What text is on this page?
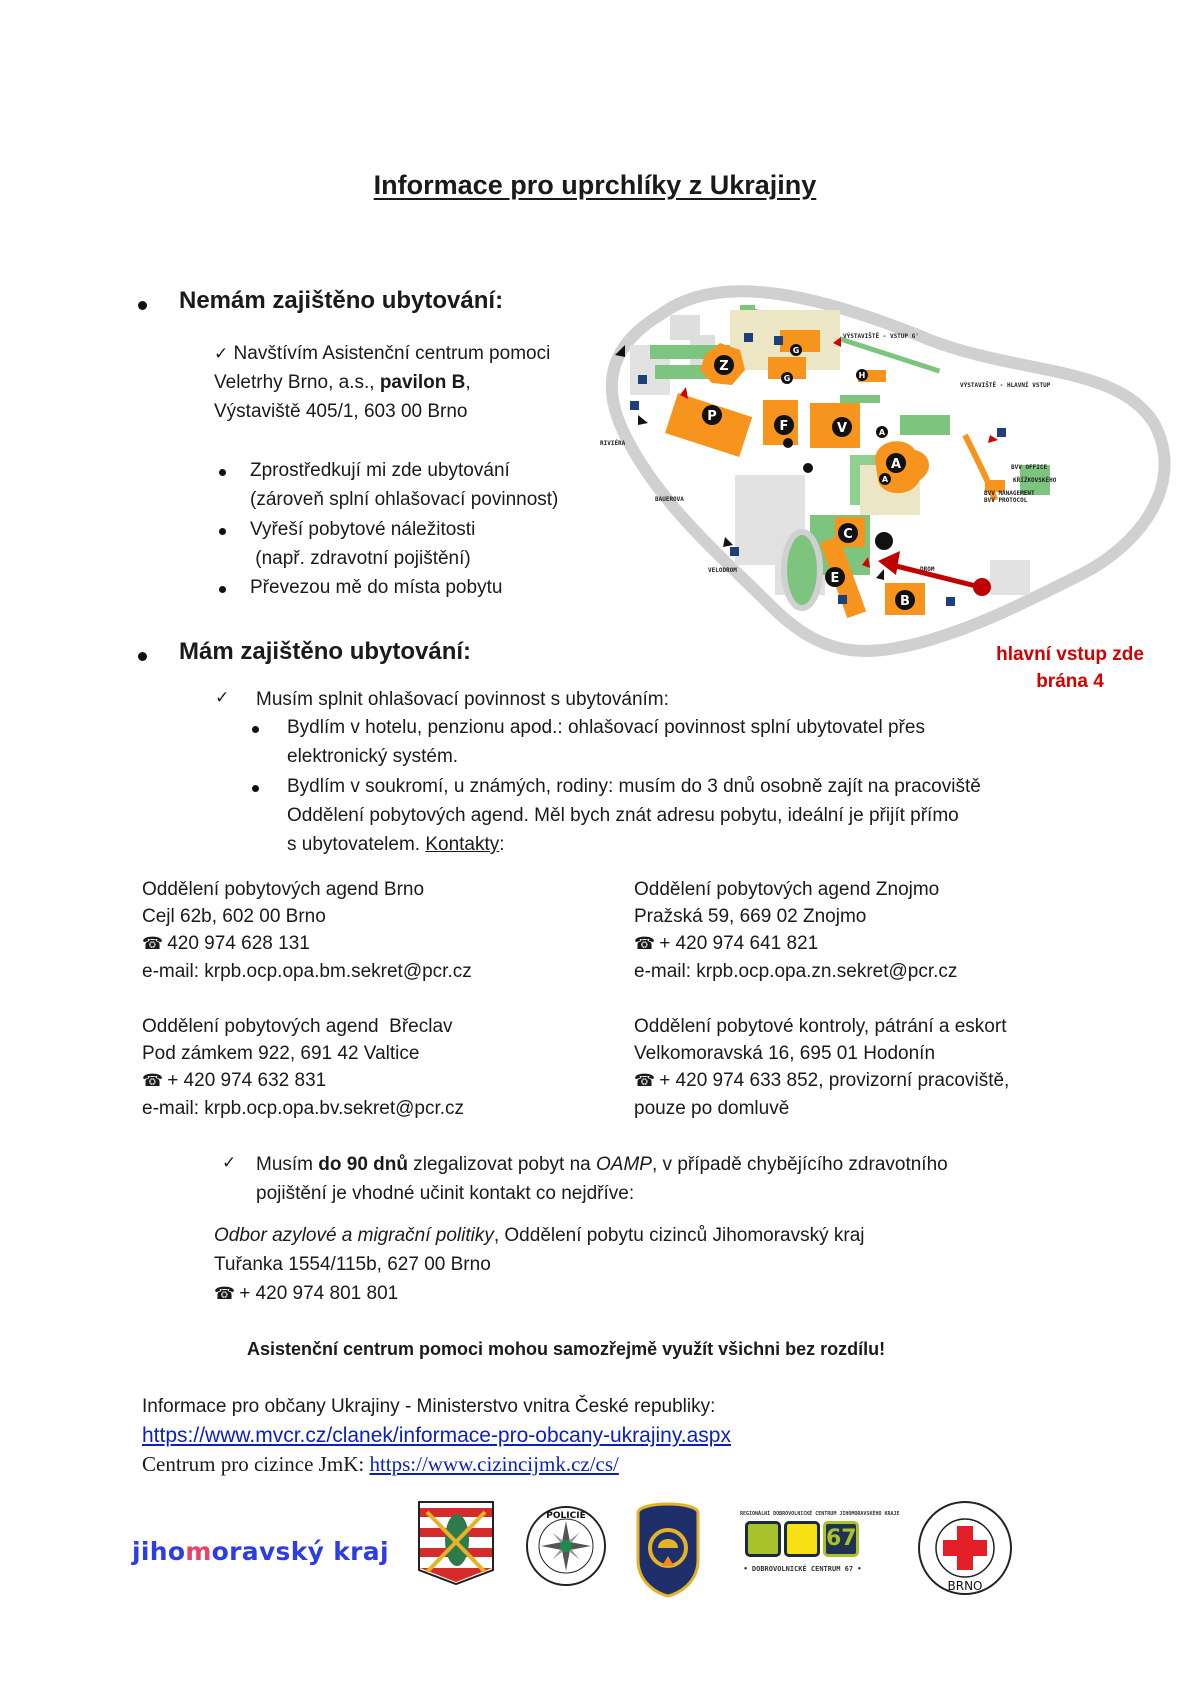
Informace pro uprchlíky z Ukrajiny
Nemám zajištěno ubytování:
✓ Navštívím Asistenční centrum pomoci
Veletrhy Brno, a.s., pavilon B,
Výstaviště 405/1, 603 00 Brno
Zprostředkují mi zde ubytování
(zároveň splní ohlašovací povinnost)
Vyřeší pobytové náležitosti
(např. zdravotní pojištění)
Převezou mě do místa pobytu
Mám zajištěno ubytování:
✓ Musím splnit ohlašovací povinnost s ubytováním:
Bydlím v hotelu, penzionu apod.: ohlašovací povinnost splní ubytovatel přes
elektronický systém.
Bydlím v soukromí, u známých, rodiny: musím do 3 dnů osobně zajít na pracoviště
Oddělení pobytových agend. Měl bych znát adresu pobytu, ideální je přijít přímo
s ubytovatelem. Kontakty:
Oddělení pobytových agend Brno
Cejl 62b, 602 00 Brno
☎ 420 974 628 131
e-mail: krpb.ocp.opa.bm.sekret@pcr.cz
Oddělení pobytových agend Znojmo
Pražská 59, 669 02 Znojmo
☎ + 420 974 641 821
e-mail: krpb.ocp.opa.zn.sekret@pcr.cz
Oddělení pobytových agend  Břeclav
Pod zámkem 922, 691 42 Valtice
☎ + 420 974 632 831
e-mail: krpb.ocp.opa.bv.sekret@pcr.cz
Oddělení pobytové kontroly, pátrání a eskort
Velkomoravská 16, 695 01 Hodonín
☎ + 420 974 633 852, provizorní pracoviště,
pouze po domluvě
✓ Musím do 90 dnů zlegalizovat pobyt na OAMP, v případě chybějícího zdravotního
pojištění je vhodné učinit kontakt co nejdříve:
Odbor azylové a migrační politiky, Oddělení pobytu cizinců Jihomoravský kraj
Tuřanka 1554/115b, 627 00 Brno
☎ + 420 974 801 801
Asistenční centrum pomoci mohou samozřejmě využít všichni bez rozdílu!
Informace pro občany Ukrajiny - Ministerstvo vnitra České republiky:
https://www.mvcr.cz/clanek/informace-pro-obcany-ukrajiny.aspx
Centrum pro cizince JmK: https://www.cizincijmk.cz/cs/
Z
P
F	V
A
C
E
B
G
G	H
A
A
VÝSTAVIŠTĚ - VSTUP G'
VÝSTAVIŠTĚ - HLAVNÍ VSTUP
RIVIÉRA
BAUEROVA
VELODROM	DROM
BVV OFFICE
KŘÍŽKOVSKÉHO
BVV MANAGEMENT
BVV PROTOCOL
hlavní vstup zde
brána 4
jihomoravský kraj
POLICIE	REGIONÁLNÍ DOBROVOLNICKÉ CENTRUM JIHOMORAVSKÉHO KRAJE
67
• DOBROVOLNICKÉ CENTRUM 67 •
BRNO
